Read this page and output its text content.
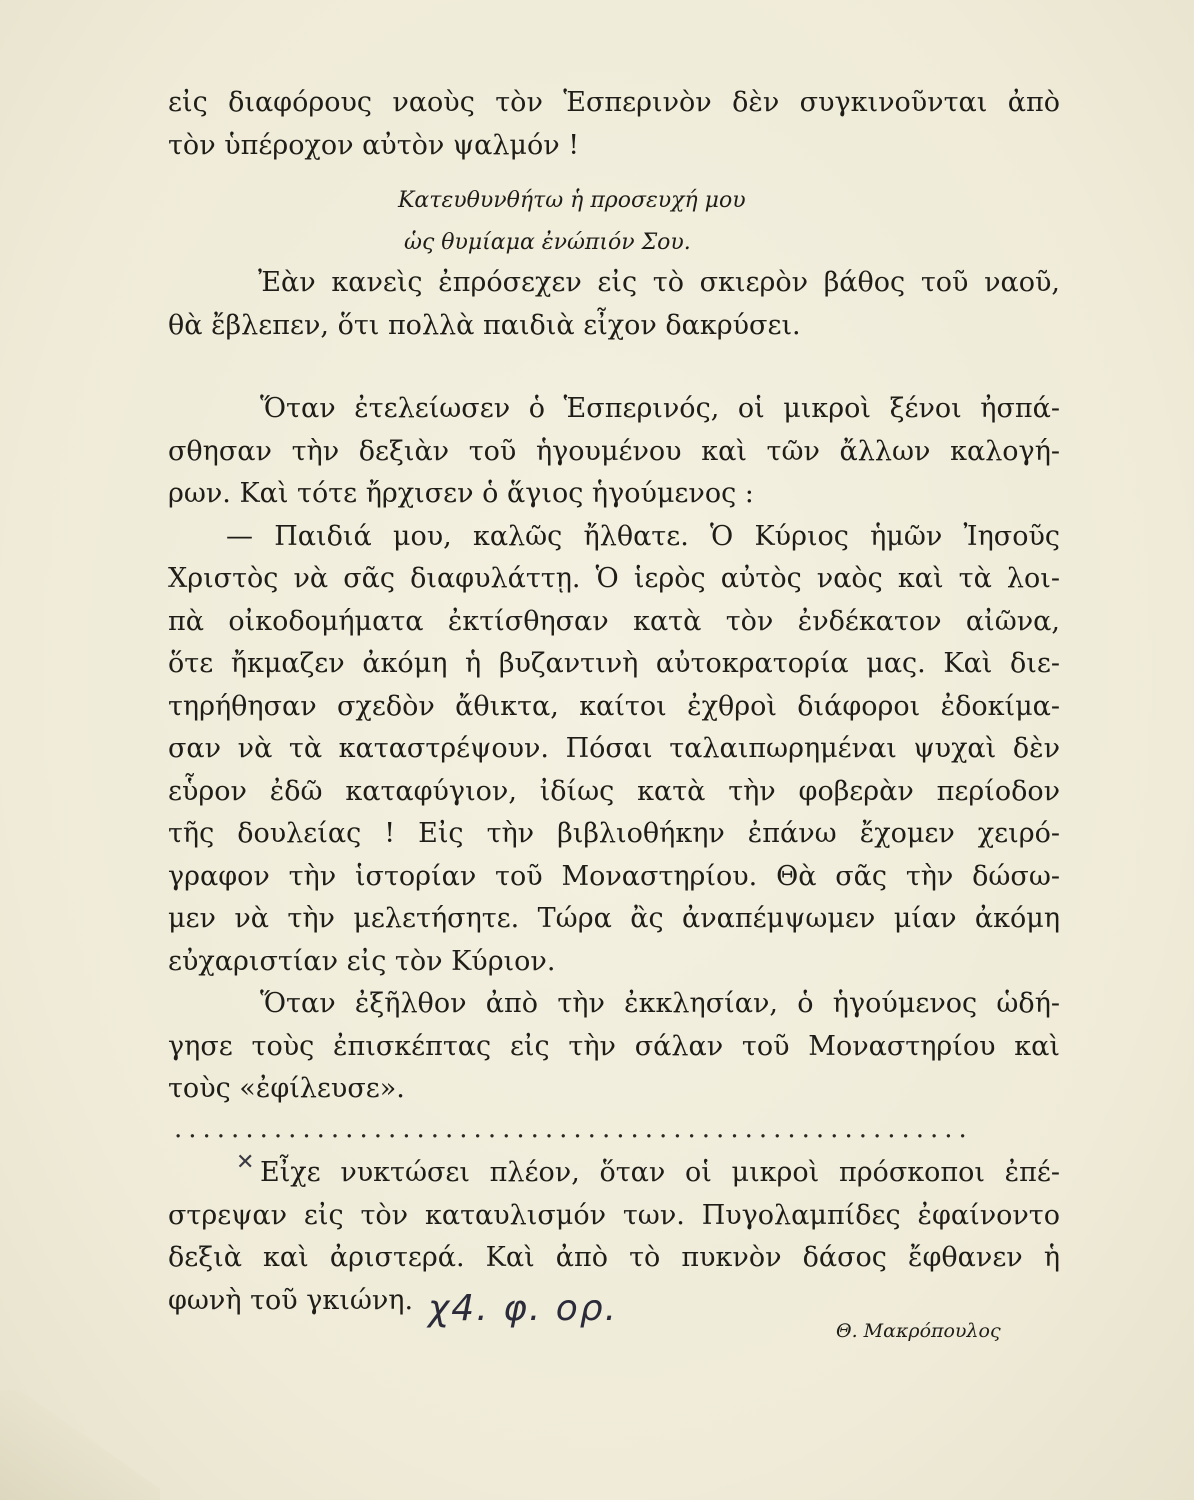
εἰς διαφόρους ναοὺς τὸν Ἑσπερινὸν δὲν συγκινοῦνται ἀπὸ
τὸν ὑπέροχον αὐτὸν ψαλμόν !
Κατευθυνθήτω ἡ προσευχή μου
ὡς θυμίαμα ἐνώπιόν Σου.
Ἐὰν κανεὶς ἐπρόσεχεν εἰς τὸ σκιερὸν βάθος τοῦ ναοῦ,
θὰ ἔβλεπεν, ὅτι πολλὰ παιδιὰ εἶχον δακρύσει.
Ὅταν ἐτελείωσεν ὁ Ἑσπερινός, οἱ μικροὶ ξένοι ἠσπά-
σθησαν τὴν δεξιὰν τοῦ ἡγουμένου καὶ τῶν ἄλλων καλογή-
ρων. Καὶ τότε ἤρχισεν ὁ ἅγιος ἡγούμενος :
— Παιδιά μου, καλῶς ἤλθατε. Ὁ Κύριος ἡμῶν Ἰησοῦς
Χριστὸς νὰ σᾶς διαφυλάττῃ. Ὁ ἱερὸς αὐτὸς ναὸς καὶ τὰ λοι-
πὰ οἰκοδομήματα ἐκτίσθησαν κατὰ τὸν ἐνδέκατον αἰῶνα,
ὅτε ἤκμαζεν ἀκόμη ἡ βυζαντινὴ αὐτοκρατορία μας. Καὶ διε-
τηρήθησαν σχεδὸν ἄθικτα, καίτοι ἐχθροὶ διάφοροι ἐδοκίμα-
σαν νὰ τὰ καταστρέψουν. Πόσαι ταλαιπωρημέναι ψυχαὶ δὲν
εὗρον ἐδῶ καταφύγιον, ἰδίως κατὰ τὴν φοβερὰν περίοδον
τῆς δουλείας ! Εἰς τὴν βιβλιοθήκην ἐπάνω ἔχομεν χειρό-
γραφον τὴν ἱστορίαν τοῦ Μοναστηρίου. Θὰ σᾶς τὴν δώσω-
μεν νὰ τὴν μελετήσητε. Τώρα ἂς ἀναπέμψωμεν μίαν ἀκόμη
εὐχαριστίαν εἰς τὸν Κύριον.
Ὅταν ἐξῆλθον ἀπὸ τὴν ἐκκλησίαν, ὁ ἡγούμενος ὡδή-
γησε τοὺς ἐπισκέπτας εἰς τὴν σάλαν τοῦ Μοναστηρίου καὶ
τοὺς «ἐφίλευσε».
........................................................
✕ Εἶχε νυκτώσει πλέον, ὅταν οἱ μικροὶ πρόσκοποι ἐπέ-
στρεψαν εἰς τὸν καταυλισμόν των. Πυγολαμπίδες ἐφαίνοντο
δεξιὰ καὶ ἀριστερά. Καὶ ἀπὸ τὸ πυκνὸν δάσος ἔφθανεν ἡ
φωνὴ τοῦ γκιώνη. χ4. φ. ορ.
Θ. Μακρόπουλος
